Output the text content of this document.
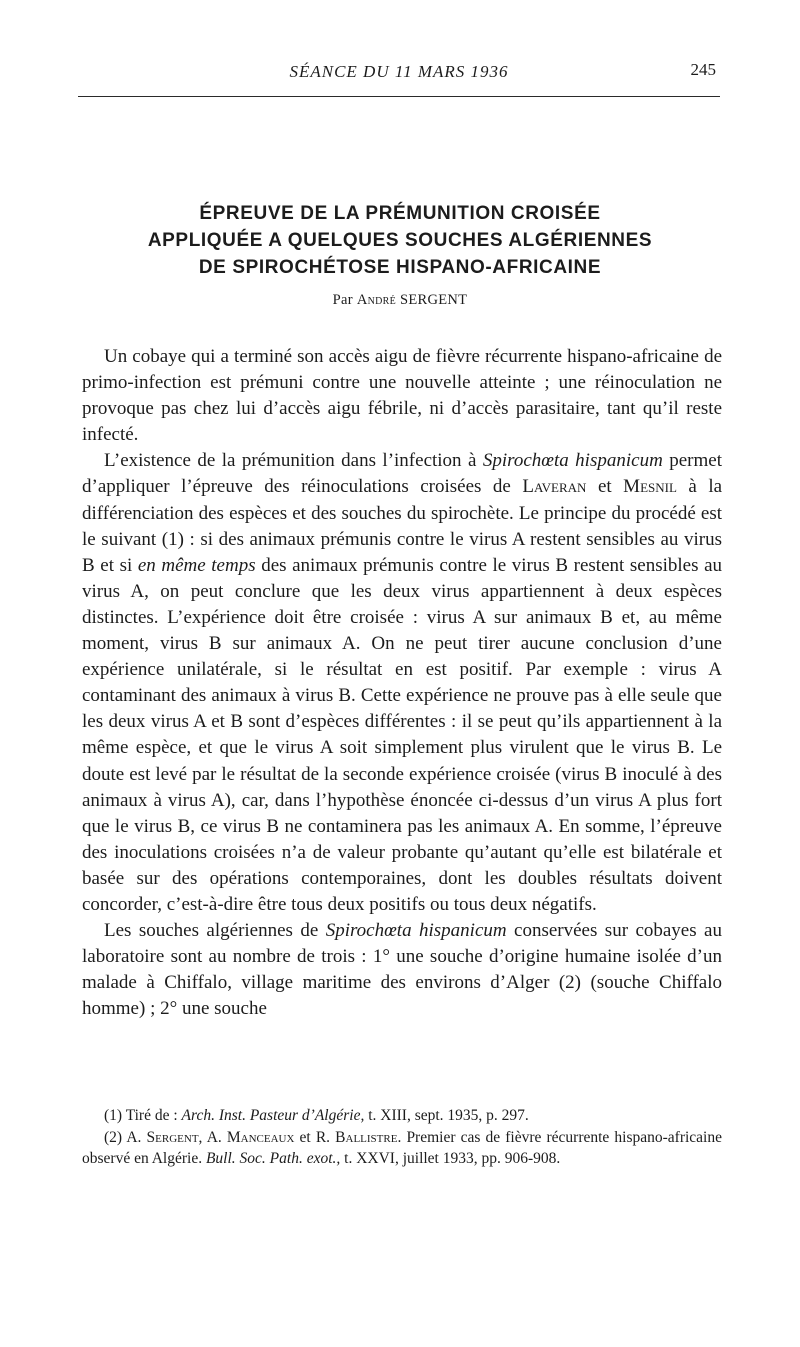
SÉANCE DU 11 MARS 1936	245
ÉPREUVE DE LA PRÉMUNITION CROISÉE
APPLIQUÉE A QUELQUES SOUCHES ALGÉRIENNES
DE SPIROCHÉTOSE HISPANO-AFRICAINE
Par André SERGENT

Un cobaye qui a terminé son accès aigu de fièvre récurrente hispano-africaine de primo-infection est prémuni contre une nouvelle atteinte ; une réinoculation ne provoque pas chez lui d’accès aigu fébrile, ni d’accès parasitaire, tant qu’il reste infecté.

L’existence de la prémunition dans l’infection à Spirochœta hispanicum permet d’appliquer l’épreuve des réinoculations croisées de Laveran et Mesnil à la différenciation des espèces et des souches du spirochète. Le principe du procédé est le suivant (1) : si des animaux prémunis contre le virus A restent sensibles au virus B et si en même temps des animaux prémunis contre le virus B restent sensibles au virus A, on peut conclure que les deux virus appartiennent à deux espèces distinctes. L’expérience doit être croisée : virus A sur animaux B et, au même moment, virus B sur animaux A. On ne peut tirer aucune conclusion d’une expérience unilatérale, si le résultat en est positif. Par exemple : virus A contaminant des animaux à virus B. Cette expérience ne prouve pas à elle seule que les deux virus A et B sont d’espèces différentes : il se peut qu’ils appartiennent à la même espèce, et que le virus A soit simplement plus virulent que le virus B. Le doute est levé par le résultat de la seconde expérience croisée (virus B inoculé à des animaux à virus A), car, dans l’hypothèse énoncée ci-dessus d’un virus A plus fort que le virus B, ce virus B ne contaminera pas les animaux A. En somme, l’épreuve des inoculations croisées n’a de valeur probante qu’autant qu’elle est bilatérale et basée sur des opérations contemporaines, dont les doubles résultats doivent concorder, c’est-à-dire être tous deux positifs ou tous deux négatifs.

Les souches algériennes de Spirochœta hispanicum conservées sur cobayes au laboratoire sont au nombre de trois : 1° une souche d’origine humaine isolée d’un malade à Chiffalo, village maritime des environs d’Alger (2) (souche Chiffalo homme) ; 2° une souche

(1) Tiré de : Arch. Inst. Pasteur d’Algérie, t. XIII, sept. 1935, p. 297.

(2) A. Sergent, A. Manceaux et R. Ballistre. Premier cas de fièvre récurrente hispano-africaine observé en Algérie. Bull. Soc. Path. exot., t. XXVI, juillet 1933, pp. 906-908.
